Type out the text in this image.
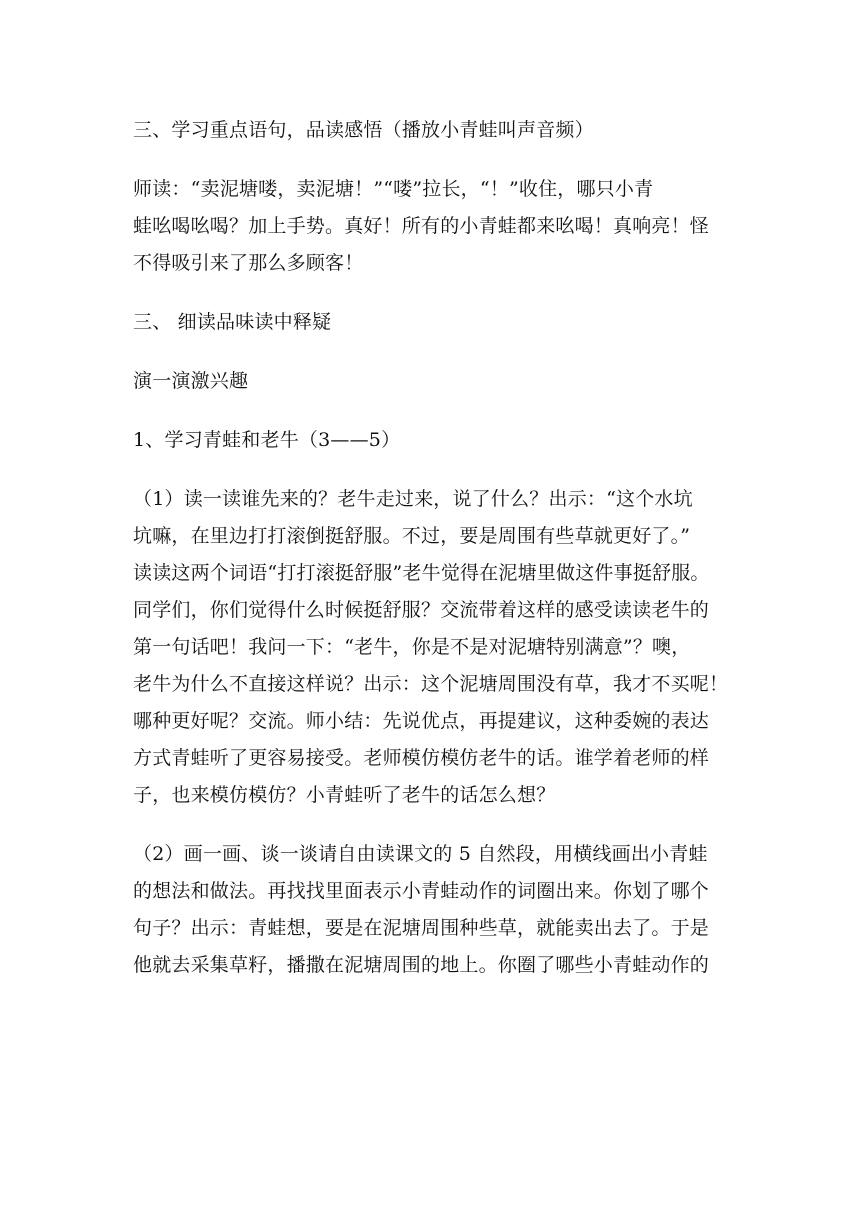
三、学习重点语句，品读感悟（播放小青蛙叫声音频）

师读：“卖泥塘喽，卖泥塘！”“喽”拉长，“！”收住，哪只小青
蛙吆喝吆喝？加上手势。真好！所有的小青蛙都来吆喝！真响亮！怪
不得吸引来了那么多顾客！

三、 细读品味读中释疑

演一演激兴趣

1、学习青蛙和老牛（3——5）

（1）读一读谁先来的？老牛走过来，说了什么？出示：“这个水坑
坑嘛，在里边打打滚倒挺舒服。不过，要是周围有些草就更好了。”
读读这两个词语“打打滚挺舒服”老牛觉得在泥塘里做这件事挺舒服。
同学们，你们觉得什么时候挺舒服？交流带着这样的感受读读老牛的
第一句话吧！我问一下：“老牛，你是不是对泥塘特别满意”？噢，
老牛为什么不直接这样说？出示：这个泥塘周围没有草，我才不买呢！
哪种更好呢？交流。师小结：先说优点，再提建议，这种委婉的表达
方式青蛙听了更容易接受。老师模仿模仿老牛的话。谁学着老师的样
子，也来模仿模仿？小青蛙听了老牛的话怎么想？

（2）画一画、谈一谈请自由读课文的 5 自然段，用横线画出小青蛙
的想法和做法。再找找里面表示小青蛙动作的词圈出来。你划了哪个
句子？出示：青蛙想，要是在泥塘周围种些草，就能卖出去了。于是
他就去采集草籽，播撒在泥塘周围的地上。你圈了哪些小青蛙动作的
